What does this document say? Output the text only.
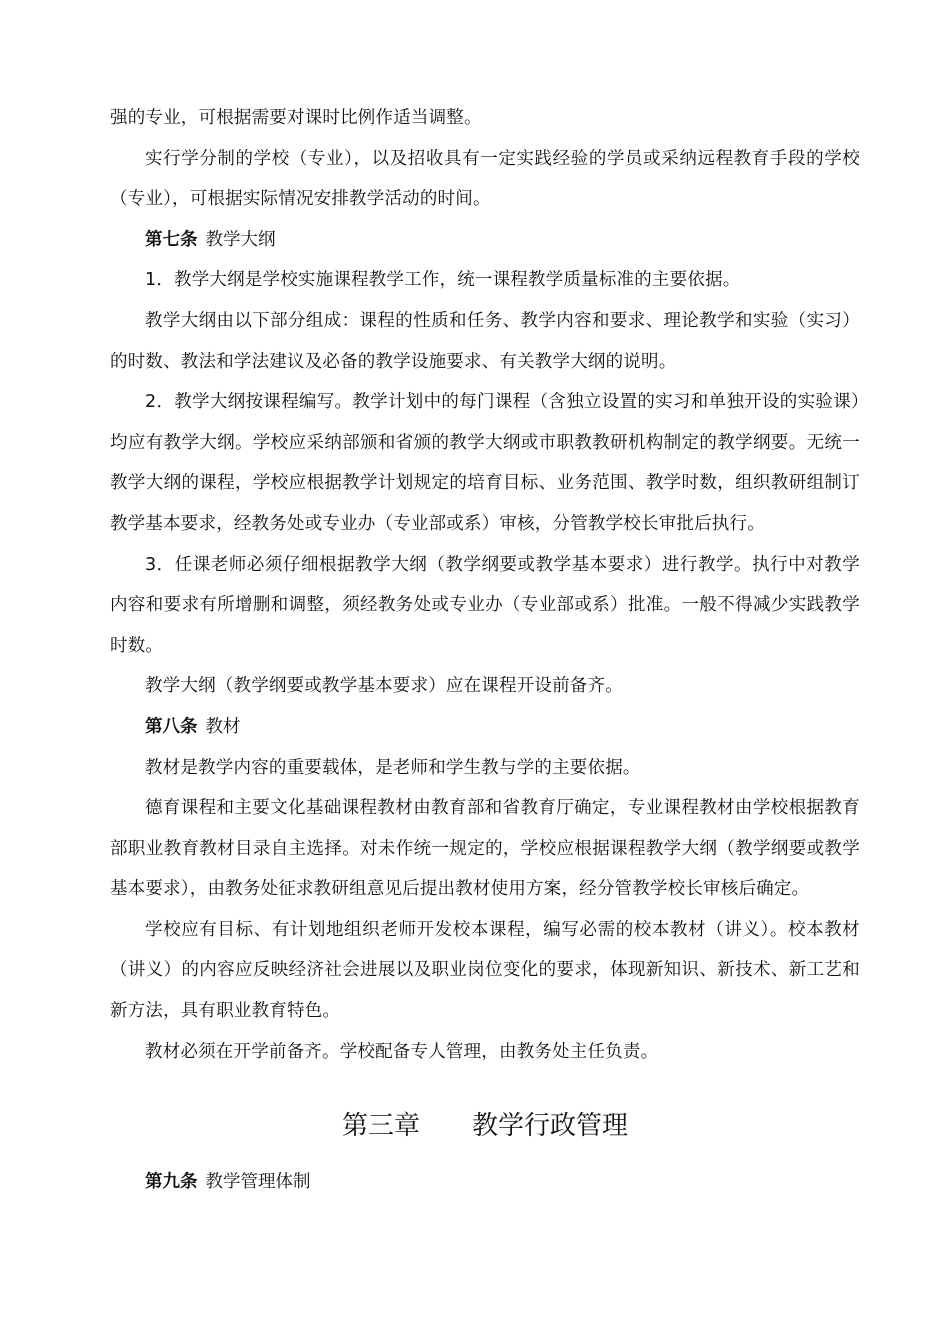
强的专业，可根据需要对课时比例作适当调整。

实行学分制的学校（专业），以及招收具有一定实践经验的学员或采纳远程教育手段的学校（专业），可根据实际情况安排教学活动的时间。

第七条 教学大纲

1．教学大纲是学校实施课程教学工作，统一课程教学质量标准的主要依据。

教学大纲由以下部分组成：课程的性质和任务、教学内容和要求、理论教学和实验（实习）的时数、教法和学法建议及必备的教学设施要求、有关教学大纲的说明。

2．教学大纲按课程编写。教学计划中的每门课程（含独立设置的实习和单独开设的实验课）均应有教学大纲。学校应采纳部颁和省颁的教学大纲或市职教教研机构制定的教学纲要。无统一教学大纲的课程，学校应根据教学计划规定的培育目标、业务范围、教学时数，组织教研组制订教学基本要求，经教务处或专业办（专业部或系）审核，分管教学校长审批后执行。

3．任课老师必须仔细根据教学大纲（教学纲要或教学基本要求）进行教学。执行中对教学内容和要求有所增删和调整，须经教务处或专业办（专业部或系）批准。一般不得减少实践教学时数。

教学大纲（教学纲要或教学基本要求）应在课程开设前备齐。

第八条 教材

教材是教学内容的重要载体，是老师和学生教与学的主要依据。

德育课程和主要文化基础课程教材由教育部和省教育厅确定，专业课程教材由学校根据教育部职业教育教材目录自主选择。对未作统一规定的，学校应根据课程教学大纲（教学纲要或教学基本要求），由教务处征求教研组意见后提出教材使用方案，经分管教学校长审核后确定。

学校应有目标、有计划地组织老师开发校本课程，编写必需的校本教材（讲义）。校本教材（讲义）的内容应反映经济社会进展以及职业岗位变化的要求，体现新知识、新技术、新工艺和新方法，具有职业教育特色。

教材必须在开学前备齐。学校配备专人管理，由教务处主任负责。

第三章 教学行政管理
第九条 教学管理体制
